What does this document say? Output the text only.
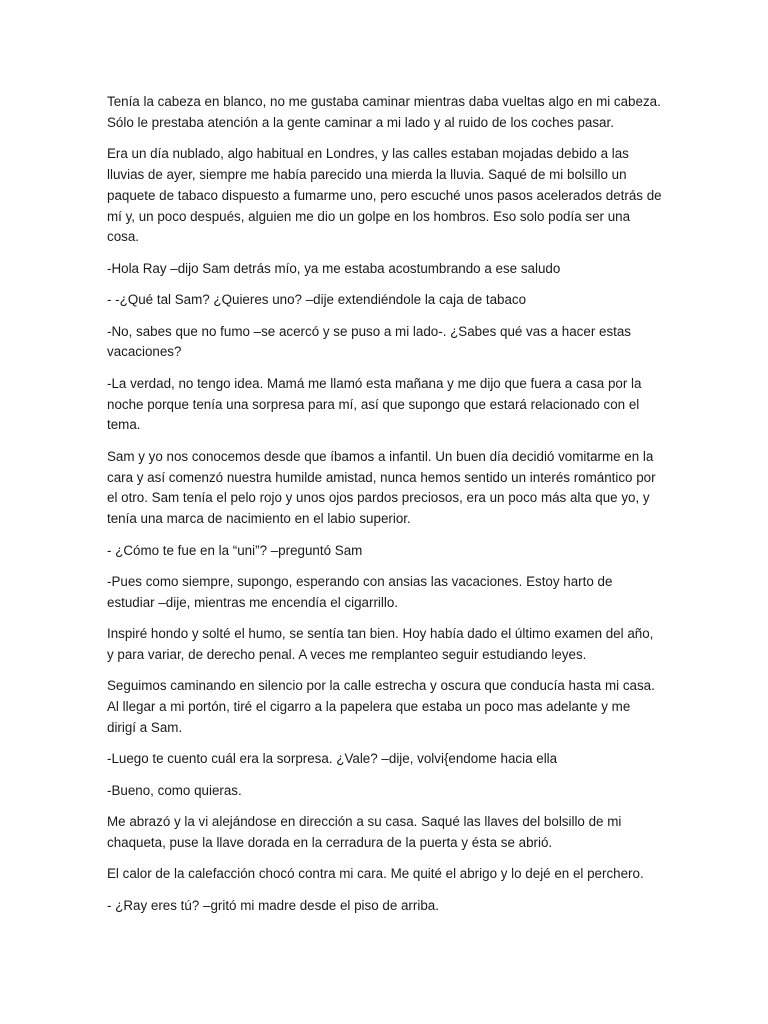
Tenía la cabeza en blanco, no me gustaba caminar mientras daba vueltas algo en mi cabeza. Sólo le prestaba atención a la gente caminar a mi lado y al ruido de los coches pasar.

Era un día nublado, algo habitual en Londres, y las calles estaban mojadas debido a las lluvias de ayer, siempre me había parecido una mierda la lluvia. Saqué de mi bolsillo un paquete de tabaco dispuesto a fumarme uno, pero escuché unos pasos acelerados detrás de mí y, un poco después, alguien me dio un golpe en los hombros. Eso solo podía ser una cosa.

-Hola Ray –dijo Sam detrás mío, ya me estaba acostumbrando a ese saludo

- -¿Qué tal Sam? ¿Quieres uno? –dije extendiéndole la caja de tabaco

-No, sabes que no fumo –se acercó y se puso a mi lado-. ¿Sabes qué vas a hacer estas vacaciones?

-La verdad, no tengo idea. Mamá me llamó esta mañana y me dijo que fuera a casa por la noche porque tenía una sorpresa para mí, así que supongo que estará relacionado con el tema.

Sam y yo nos conocemos desde que íbamos a infantil. Un buen día decidió vomitarme en la cara y así comenzó nuestra humilde amistad, nunca hemos sentido un interés romántico por el otro. Sam tenía el pelo rojo y unos ojos pardos preciosos, era un poco más alta que yo, y tenía una marca de nacimiento en el labio superior.

- ¿Cómo te fue en la “uni”? –preguntó Sam

-Pues como siempre, supongo, esperando con ansias las vacaciones. Estoy harto de estudiar –dije, mientras me encendía el cigarrillo.

Inspiré hondo y solté el humo, se sentía tan bien. Hoy había dado el último examen del año, y para variar, de derecho penal. A veces me remplanteo seguir estudiando leyes.

Seguimos caminando en silencio por la calle estrecha y oscura que conducía hasta mi casa. Al llegar a mi portón, tiré el cigarro a la papelera que estaba un poco mas adelante y me dirigí a Sam.

-Luego te cuento cuál era la sorpresa. ¿Vale? –dije, volvi{endome hacia ella

-Bueno, como quieras.

Me abrazó y la vi alejándose en dirección a su casa. Saqué las llaves del bolsillo de mi chaqueta, puse la llave dorada en la cerradura de la puerta y ésta se abrió.

El calor de la calefacción chocó contra mi cara. Me quité el abrigo y lo dejé en el perchero.

- ¿Ray eres tú? –gritó mi madre desde el piso de arriba.
